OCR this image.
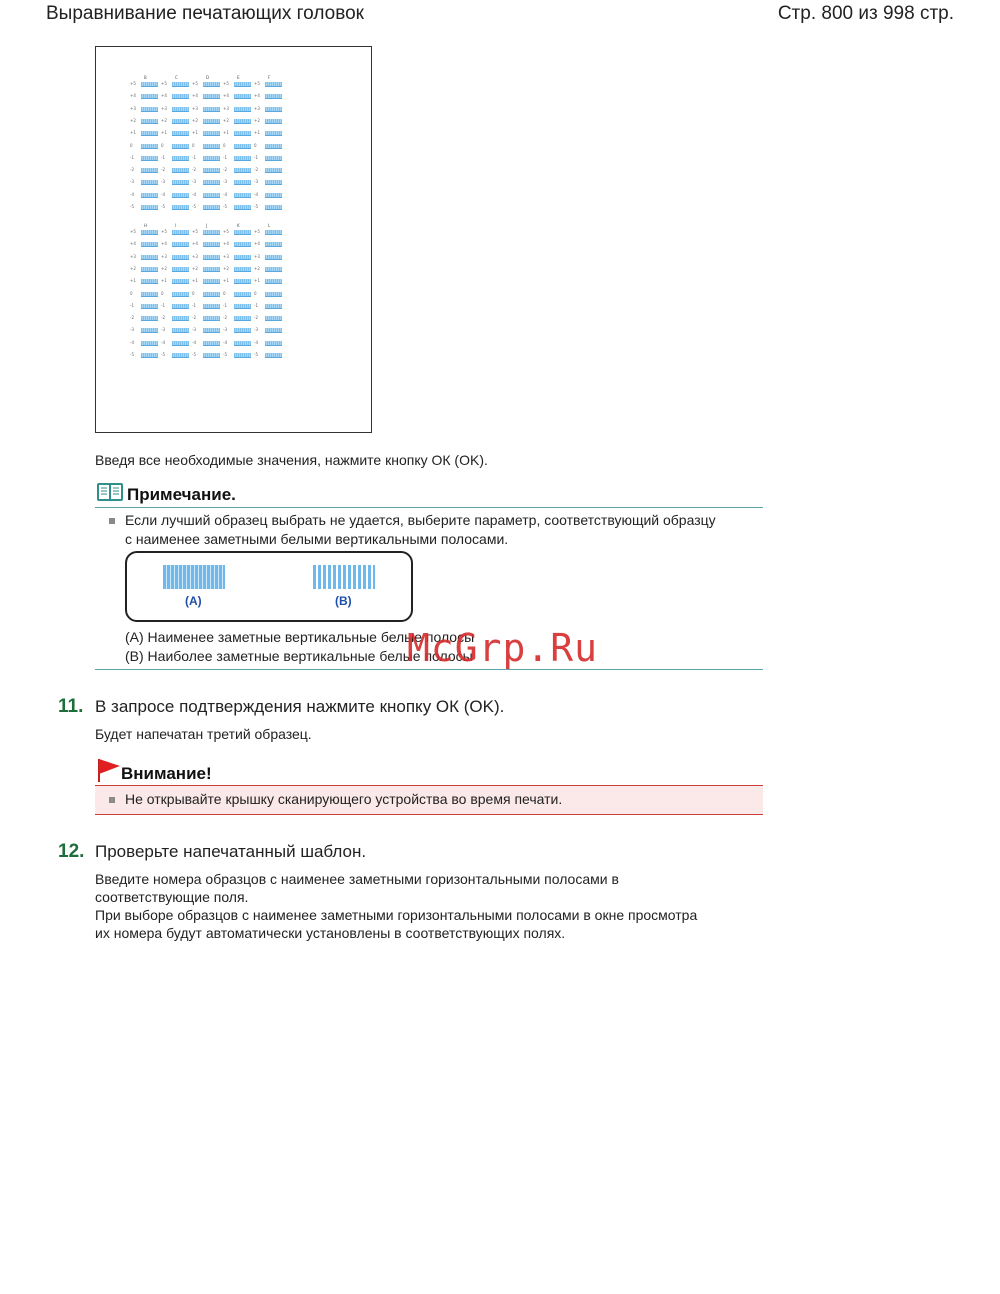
Выравнивание печатающих головок	Стр. 800 из 998 стр.
B
+5
+4
+3
+2
+1
0
-1
-2
-3
-4
-5
C
+5
+4
+3
+2
+1
0
-1
-2
-3
-4
-5
D
+5
+4
+3
+2
+1
0
-1
-2
-3
-4
-5
E
+5
+4
+3
+2
+1
0
-1
-2
-3
-4
-5
F
+5
+4
+3
+2
+1
0
-1
-2
-3
-4
-5
H
+5
+4
+3
+2
+1
0
-1
-2
-3
-4
-5
I
+5
+4
+3
+2
+1
0
-1
-2
-3
-4
-5
J
+5
+4
+3
+2
+1
0
-1
-2
-3
-4
-5
K
+5
+4
+3
+2
+1
0
-1
-2
-3
-4
-5
L
+5
+4
+3
+2
+1
0
-1
-2
-3
-4
-5
Введя все необходимые значения, нажмите кнопку ОК (OK).
Примечание.
Если лучший образец выбрать не удается, выберите параметр, соответствующий образцу
с наименее заметными белыми вертикальными полосами.
(A)	(B)
(A) Наименее заметные вертикальные белые полосы
(B) Наиболее заметные вертикальные белые полосы
McGrp.Ru
11. В запросе подтверждения нажмите кнопку ОК (OK).
Будет напечатан третий образец.
Внимание!
Не открывайте крышку сканирующего устройства во время печати.
12. Проверьте напечатанный шаблон.
Введите номера образцов с наименее заметными горизонтальными полосами в
соответствующие поля.
При выборе образцов с наименее заметными горизонтальными полосами в окне просмотра
их номера будут автоматически установлены в соответствующих полях.
